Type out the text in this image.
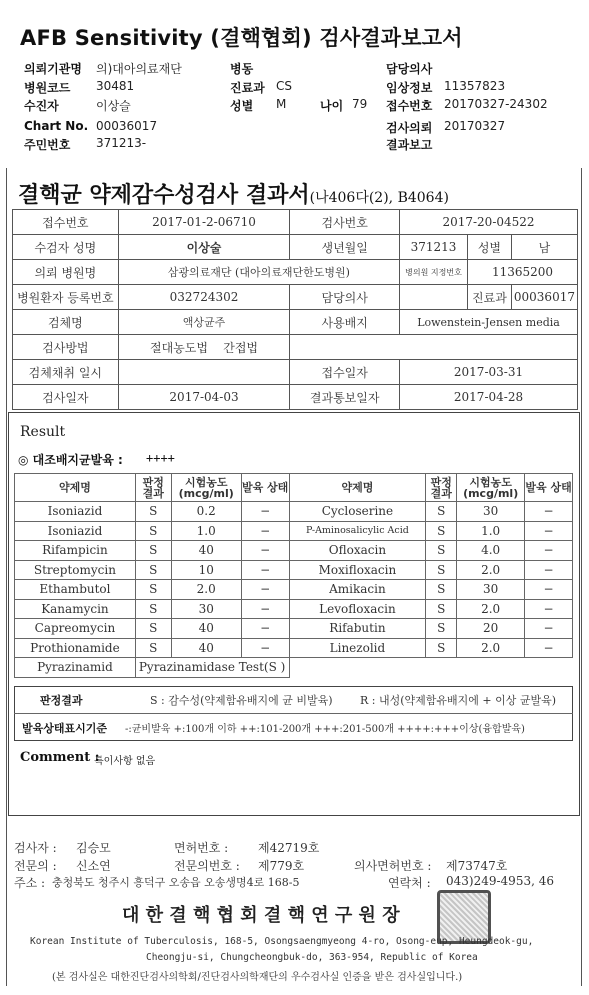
AFB Sensitivity (결핵협회) 검사결과보고서
의뢰기관명 의)대아의료재단	병동	담당의사
병원코드 30481	진료과 CS	임상정보 11357823
수진자	이상슬	성별 M	나이 79 접수번호 20170327-24302
Chart No. 00036017	검사의뢰 20170327
주민번호 371213-	결과보고
결핵균 약제감수성검사 결과서(나406다(2), B4064)
접수번호	2017-01-2-06710	검사번호	2017-20-04522		
수검자 성명	이상술	생년월일	371213	성별	남
의뢰 병원명	삼광의료재단 (대아의료재단한도병원)		병의원 지정번호	11365200	
병원환자 등록번호	032724302	담당의사		진료과	00036017
검체명	액상균주	사용배지	Lowenstein-Jensen media		
검사방법	절대농도법 간접법				
검체채취 일시		접수일자	2017-03-31		
검사일자	2017-04-03	결과통보일자	2017-04-28		
Result
◎ 대조배지균발육 : ++++
약제명	판정 결과	시험농도 (mcg/ml)	발육 상태	약제명	판정 결과	시험농도 (mcg/ml)	발육 상태
Isoniazid	S	0.2	−	Cycloserine	S	30	−
Isoniazid	S	1.0	−	P-Aminosalicylic Acid	S	1.0	−
Rifampicin	S	40	−	Ofloxacin	S	4.0	−
Streptomycin	S	10	−	Moxifloxacin	S	2.0	−
Ethambutol	S	2.0	−	Amikacin	S	30	−
Kanamycin	S	30	−	Levofloxacin	S	2.0	−
Capreomycin	S	40	−	Rifabutin	S	20	−
Prothionamide	S	40	−	Linezolid	S	2.0	−
Pyrazinamid	Pyrazinamidase Test(S )						
판정결과	S : 감수성(약제함유배지에 균 비발육) R : 내성(약제함유배지에 + 이상 균발육)
발육상태표시기준 -:균비발육 +:100개 이하 ++:101-200개 +++:201-500개 ++++:+++이상(융합발육)
Comment :
특이사항 없음
검사자 : 김승모	면허번호 : 제42719호
전문의 : 신소연	전문의번호 : 제779호	의사면허번호 : 제73747호
주소 : 충청북도 청주시 흥덕구 오송읍 오송생명4로 168-5	연락처 : 043)249-4953, 46
대 한 결 핵 협 회 결 핵 연 구 원 장
Korean Institute of Tuberculosis, 168-5, Osongsaengmyeong 4-ro, Osong-eup, Heungdeok-gu,
Cheongju-si, Chungcheongbuk-do, 363-954, Republic of Korea
(본 검사실은 대한진단검사의학회/진단검사의학재단의 우수검사실 인증을 받은 검사실입니다.)
